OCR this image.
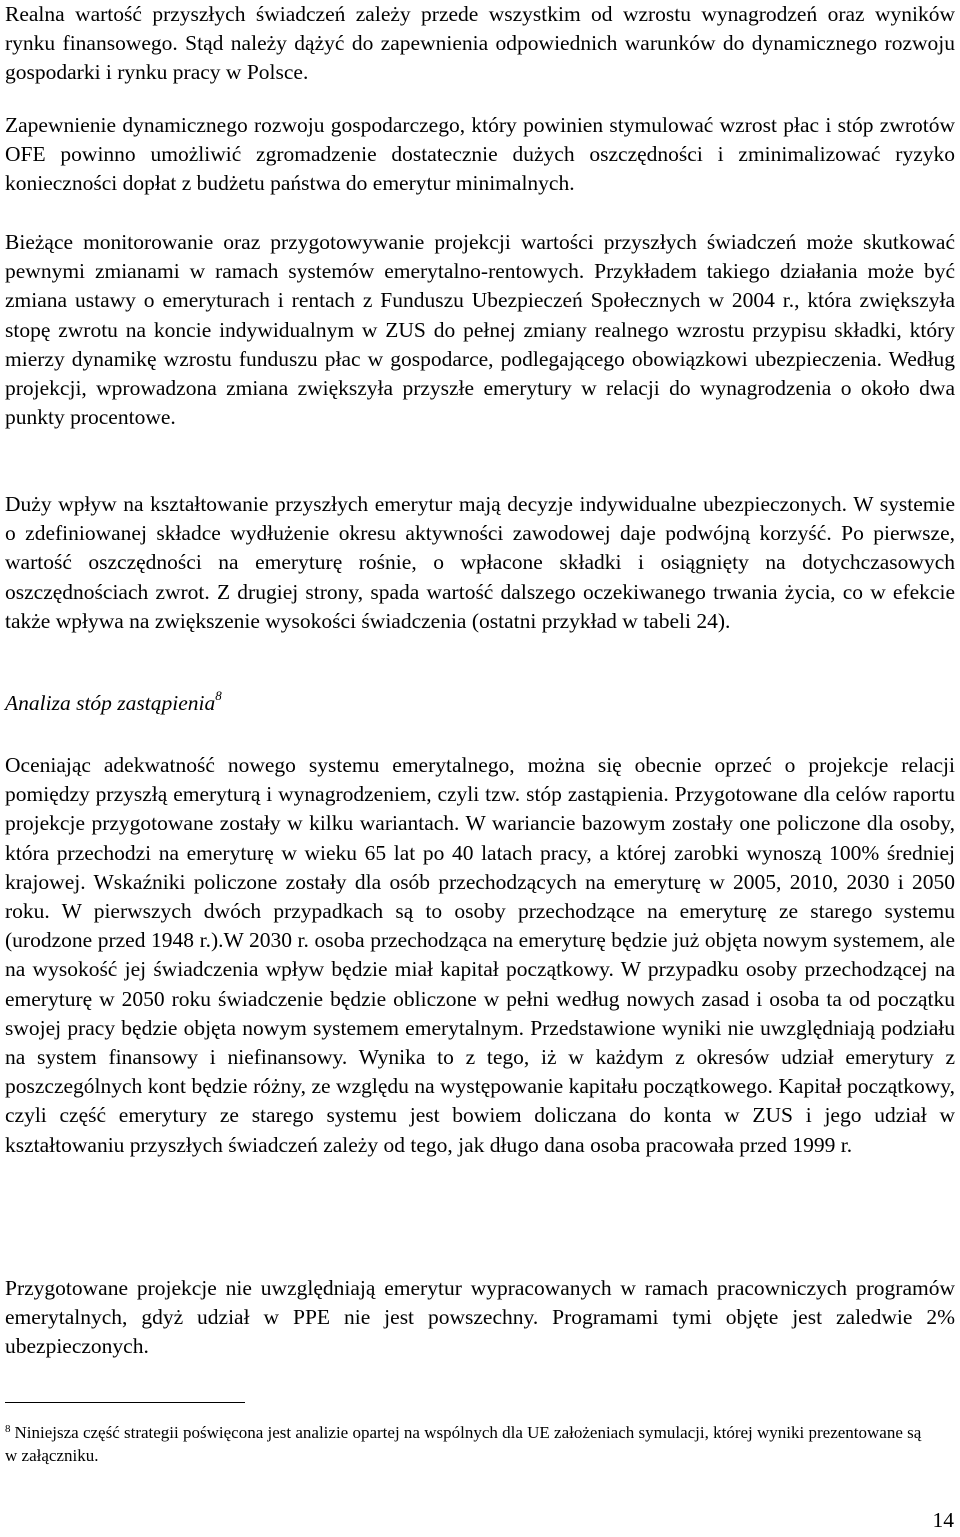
Realna wartość przyszłych świadczeń zależy przede wszystkim od wzrostu wynagrodzeń oraz wyników rynku finansowego. Stąd należy dążyć do zapewnienia odpowiednich warunków do dynamicznego rozwoju gospodarki i rynku pracy w Polsce.

Zapewnienie dynamicznego rozwoju gospodarczego, który powinien stymulować wzrost płac i stóp zwrotów OFE powinno umożliwić zgromadzenie dostatecznie dużych oszczędności i zminimalizować ryzyko konieczności dopłat z budżetu państwa do emerytur minimalnych.

Bieżące monitorowanie oraz przygotowywanie projekcji wartości przyszłych świadczeń może skutkować pewnymi zmianami w ramach systemów emerytalno-rentowych. Przykładem takiego działania może być zmiana ustawy o emeryturach i rentach z Funduszu Ubezpieczeń Społecznych w 2004 r., która zwiększyła stopę zwrotu na koncie indywidualnym w ZUS do pełnej zmiany realnego wzrostu przypisu składki, który mierzy dynamikę wzrostu funduszu płac w gospodarce, podlegającego obowiązkowi ubezpieczenia. Według projekcji, wprowadzona zmiana zwiększyła przyszłe emerytury w relacji do wynagrodzenia o około dwa punkty procentowe.

Duży wpływ na kształtowanie przyszłych emerytur mają decyzje indywidualne ubezpieczonych. W systemie o zdefiniowanej składce wydłużenie okresu aktywności zawodowej daje podwójną korzyść. Po pierwsze, wartość oszczędności na emeryturę rośnie, o wpłacone składki i osiągnięty na dotychczasowych oszczędnościach zwrot. Z drugiej strony, spada wartość dalszego oczekiwanego trwania życia, co w efekcie także wpływa na zwiększenie wysokości świadczenia (ostatni przykład w tabeli 24).

Analiza stóp zastąpienia$^8$

Oceniając adekwatność nowego systemu emerytalnego, można się obecnie oprzeć o projekcje relacji pomiędzy przyszłą emeryturą i wynagrodzeniem, czyli tzw. stóp zastąpienia. Przygotowane dla celów raportu projekcje przygotowane zostały w kilku wariantach. W wariancie bazowym zostały one policzone dla osoby, która przechodzi na emeryturę w wieku 65 lat po 40 latach pracy, a której zarobki wynoszą 100% średniej krajowej. Wskaźniki policzone zostały dla osób przechodzących na emeryturę w 2005, 2010, 2030 i 2050 roku. W pierwszych dwóch przypadkach są to osoby przechodzące na emeryturę ze starego systemu (urodzone przed 1948 r.).W 2030 r. osoba przechodząca na emeryturę będzie już objęta nowym systemem, ale na wysokość jej świadczenia wpływ będzie miał kapitał początkowy. W przypadku osoby przechodzącej na emeryturę w 2050 roku świadczenie będzie obliczone w pełni według nowych zasad i osoba ta od początku swojej pracy będzie objęta nowym systemem emerytalnym. Przedstawione wyniki nie uwzględniają podziału na system finansowy i niefinansowy. Wynika to z tego, iż w każdym z okresów udział emerytury z poszczególnych kont będzie różny, ze względu na występowanie kapitału początkowego. Kapitał początkowy, czyli część emerytury ze starego systemu jest bowiem doliczana do konta w ZUS i jego udział w kształtowaniu przyszłych świadczeń zależy od tego, jak długo dana osoba pracowała przed 1999 r.

Przygotowane projekcje nie uwzględniają emerytur wypracowanych w ramach pracowniczych programów emerytalnych, gdyż udział w PPE nie jest powszechny. Programami tymi objęte jest zaledwie 2% ubezpieczonych.

$^8$ Niniejsza część strategii poświęcona jest analizie opartej na wspólnych dla UE założeniach symulacji, której wyniki prezentowane są w załączniku.

14
